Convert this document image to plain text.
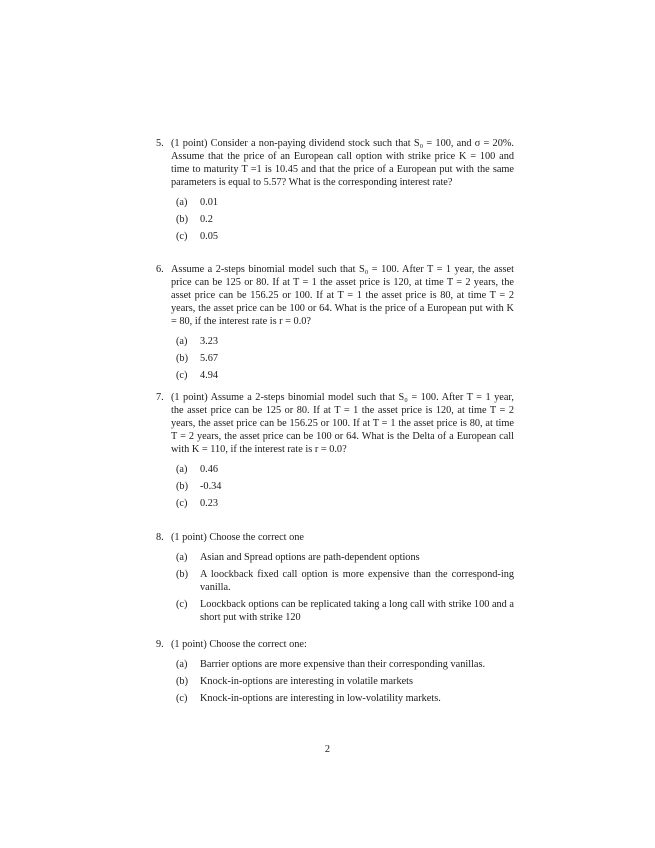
5. (1 point) Consider a non-paying dividend stock such that S₀ = 100, and σ = 20%. Assume that the price of an European call option with strike price K = 100 and time to maturity T =1 is 10.45 and that the price of a European put with the same parameters is equal to 5.57? What is the corresponding interest rate?
(a)	0.01
(b)	0.2
(c)	0.05
6. Assume a 2-steps binomial model such that S₀ = 100. After T = 1 year, the asset price can be 125 or 80. If at T = 1 the asset price is 120, at time T = 2 years, the asset price can be 156.25 or 100. If at T = 1 the asset price is 80, at time T = 2 years, the asset price can be 100 or 64. What is the price of a European put with K = 80, if the interest rate is r = 0.0?
(a)	3.23
(b)	5.67
(c)	4.94
7. (1 point) Assume a 2-steps binomial model such that S₀ = 100. After T = 1 year, the asset price can be 125 or 80. If at T = 1 the asset price is 120, at time T = 2 years, the asset price can be 156.25 or 100. If at T = 1 the asset price is 80, at time T = 2 years, the asset price can be 100 or 64. What is the Delta of a European call with K = 110, if the interest rate is r = 0.0?
(a)	0.46
(b)	-0.34
(c)	0.23
8. (1 point) Choose the correct one
(a)	Asian and Spread options are path-dependent options
(b)	A loockback fixed call option is more expensive than the correspond-ing vanilla.
(c)	Loockback options can be replicated taking a long call with strike 100 and a short put with strike 120
9. (1 point) Choose the correct one:
(a)	Barrier options are more expensive than their corresponding vanillas.
(b)	Knock-in-options are interesting in volatile markets
(c)	Knock-in-options are interesting in low-volatility markets.
2
